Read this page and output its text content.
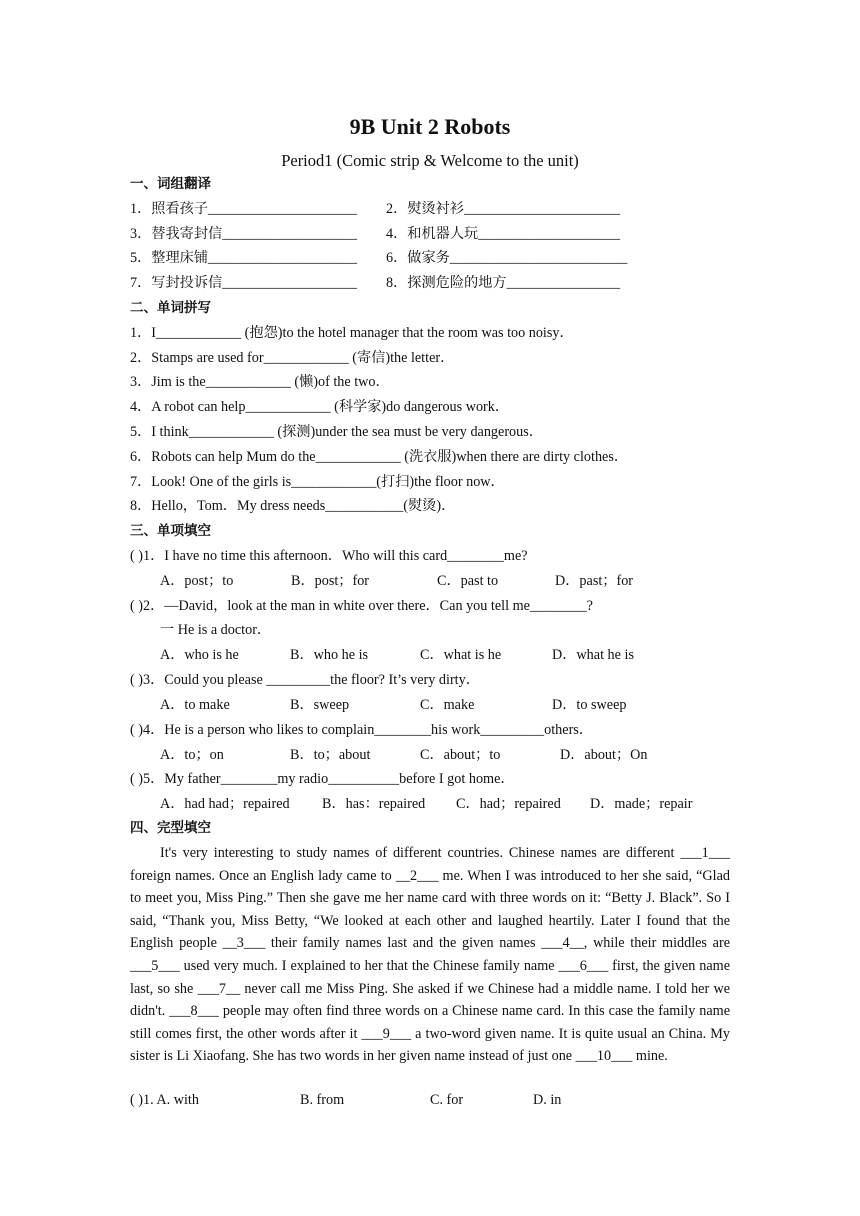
9B Unit 2 Robots
Period1 (Comic strip & Welcome to the unit)
一、词组翻译
1．照看孩子_____________________ 2．熨烫衬衫______________________
3．替我寄封信___________________ 4．和机器人玩____________________
5．整理床铺_____________________ 6．做家务_________________________
7．写封投诉信___________________ 8．探测危险的地方________________
二、单词拼写
1．I____________ (抱怨)to the hotel manager that the room was too noisy．
2．Stamps are used for____________ (寄信)the letter．
3．Jim is the____________ (懒)of the two．
4．A robot can help____________ (科学家)do dangerous work．
5．I think____________ (探测)under the sea must be very dangerous．
6．Robots can help Mum do the____________ (洗衣服)when there are dirty clothes．
7．Look! One of the girls is____________(打扫)the floor now．
8．Hello，Tom．My dress needs___________(熨烫)．
三、单项填空
( )1．I have no time this afternoon．Who will this card________me?
A．post；to	B．post；for	C．past to	D．past；for
( )2．—David，look at the man in white over there．Can you tell me________?
一 He is a doctor．
A．who is he	B．who he is	C．what is he	D．what he is
( )3．Could you please _________the floor? It’s very dirty．
A．to make	B．sweep	C．make	D．to sweep
( )4．He is a person who likes to complain________his work_________others．
A．to；on	B．to；about	C．about；to	D．about；On
( )5．My father________my radio__________before I got home．
A．had had；repaired B．has：repaired C．had；repaired D．made；repair
四、完型填空
It's very interesting to study names of different countries. Chinese names are different ___1___ foreign names. Once an English lady came to __2___ me. When I was introduced to her she said, “Glad to meet you, Miss Ping.” Then she gave me her name card with three words on it: “Betty J. Black”. So I said, “Thank you, Miss Betty, “We looked at each other and laughed heartily. Later I found that the English people __3___ their family names last and the given names ___4__, while their middles are ___5___ used very much. I explained to her that the Chinese family name ___6___ first, the given name last, so she ___7__ never call me Miss Ping. She asked if we Chinese had a middle name. I told her we didn't. ___8___ people may often find three words on a Chinese name card. In this case the family name still comes first, the other words after it ___9___ a two-word given name. It is quite usual an China. My sister is Li Xiaofang. She has two words in her given name instead of just one ___10___ mine.
( )1. A. with	B. from	C. for	D. in
